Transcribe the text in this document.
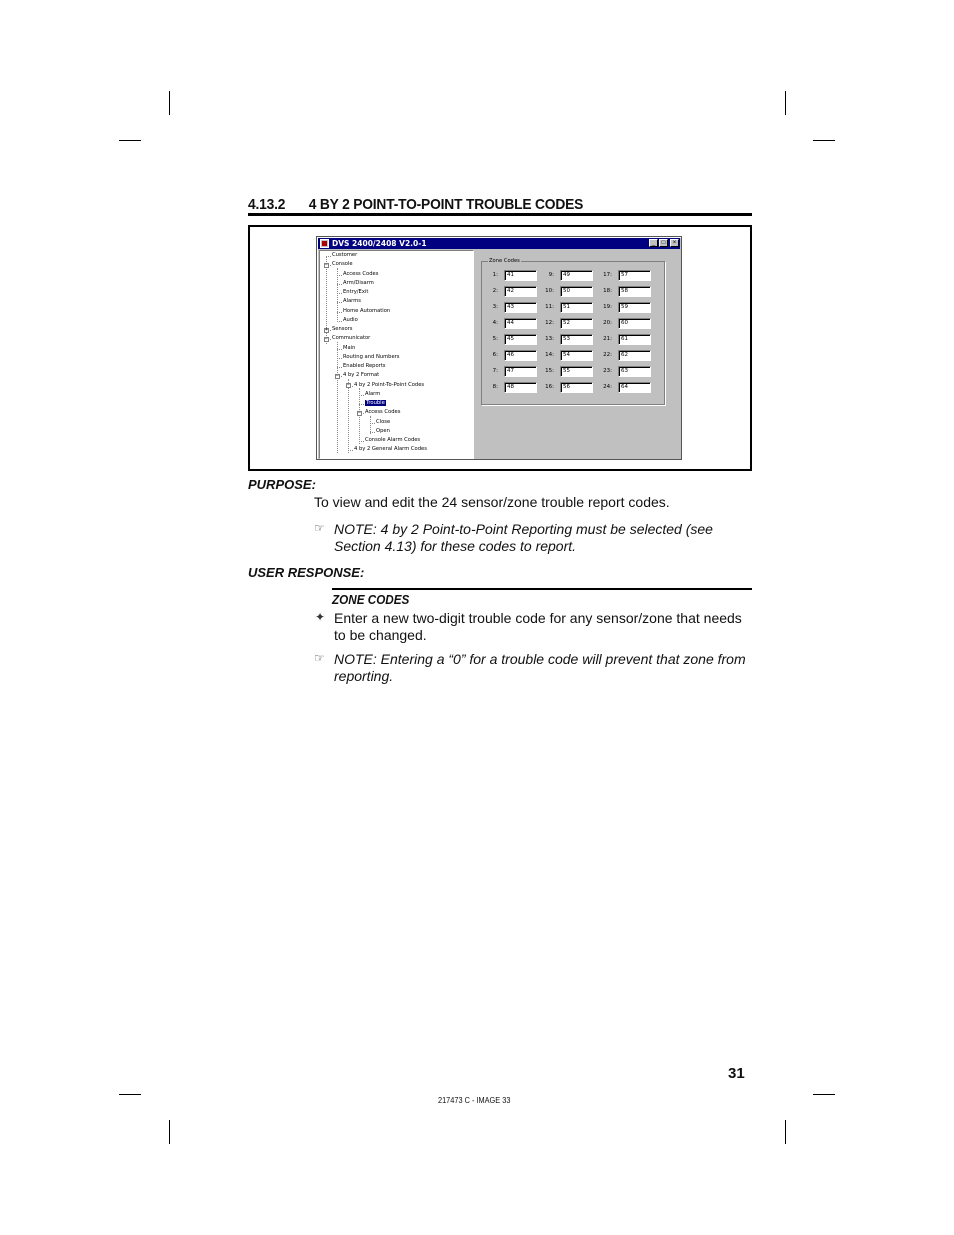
4.13.2 4 BY 2 POINT-TO-POINT TROUBLE CODES
DVS 2400/2408 V2.0-1	_	□	×
Customer
− Console
Access Codes
Arm/Disarm
Entry/Exit
Alarms
Home Automation
Audio
+ Sensors
− Communicator
Main
Routing and Numbers
Enabled Reports
− 4 by 2 Format
− 4 by 2 Point-To-Point Codes
Alarm
Trouble
− Access Codes
Close
Open
Console Alarm Codes
4 by 2 General Alarm Codes
Zone Codes
1:	41
2:	42
3:	43
4:	44
5:	45
6:	46
7:	47
8:	48
9:	49
10:	50
11:	51
12:	52
13:	53
14:	54
15:	55
16:	56
17:	57
18:	58
19:	59
20:	60
21:	61
22:	62
23:	63
24:	64
PURPOSE:
To view and edit the 24 sensor/zone trouble report codes.
☞ NOTE: 4 by 2 Point-to-Point Reporting must be selected (see
Section 4.13) for these codes to report.
USER RESPONSE:
ZONE CODES
✦ Enter a new two-digit trouble code for any sensor/zone that needs
to be changed.
☞ NOTE: Entering a “0” for a trouble code will prevent that zone from
reporting.
31
217473 C - IMAGE 33
